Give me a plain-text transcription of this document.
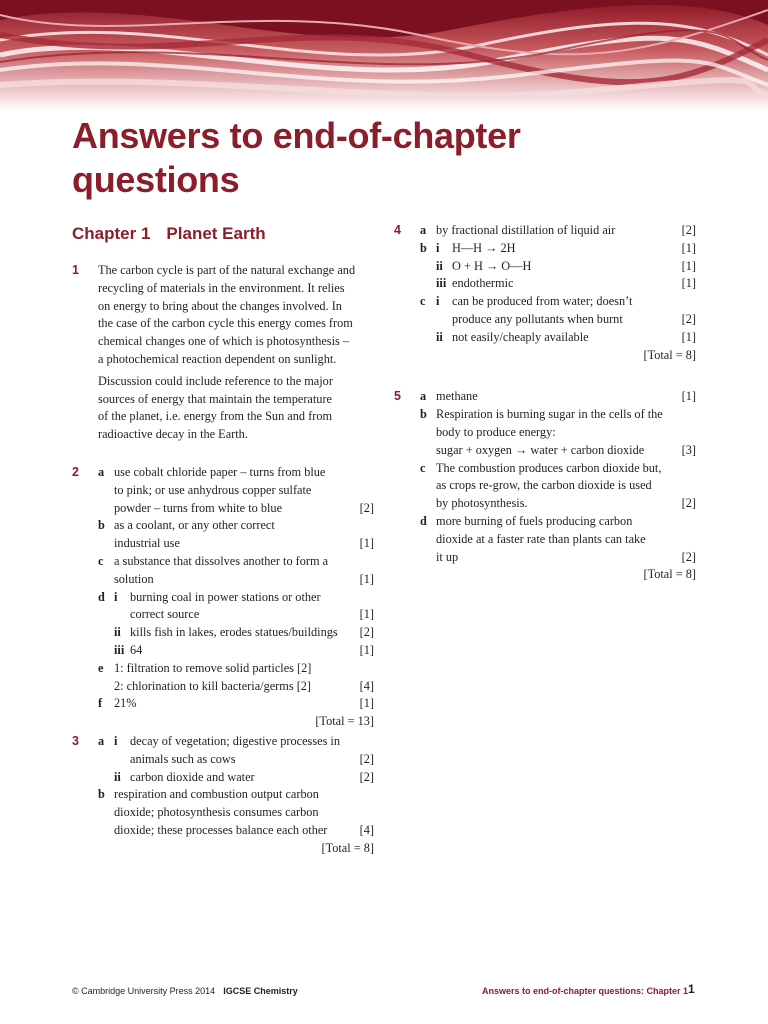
Answers to end-of-chapter
questions
Chapter 1 Planet Earth
1 The carbon cycle is part of the natural exchange and
recycling of materials in the environment. It relies
on energy to bring about the changes involved. In
the case of the carbon cycle this energy comes from
chemical changes one of which is photosynthesis –
a photochemical reaction dependent on sunlight.
Discussion could include reference to the major
sources of energy that maintain the temperature
of the planet, i.e. energy from the Sun and from
radioactive decay in the Earth.
2 a use cobalt chloride paper – turns from blue
to pink; or use anhydrous copper sulfate
powder – turns from white to blue	[2]
b as a coolant, or any other correct
industrial use	[1]
c a substance that dissolves another to form a
solution	[1]
d i	burning coal in power stations or other
correct source	[1]
ii kills fish in lakes, erodes statues/buildings	[2]
iii 64	[1]
e 1: filtration to remove solid particles [2]
2: chlorination to kill bacteria/germs [2]	[4]
f 21%	[1]
[Total = 13]
3 a i	decay of vegetation; digestive processes in
animals such as cows	[2]
ii carbon dioxide and water	[2]
b respiration and combustion output carbon
dioxide; photosynthesis consumes carbon
dioxide; these processes balance each other	[4]
[Total = 8]
4 a by fractional distillation of liquid air	[2]
b i	H—H → 2H	[1]
ii O + H → O—H	[1]
iii endothermic	[1]
c i	can be produced from water; doesn’t
produce any pollutants when burnt	[2]
ii not easily/cheaply available	[1]
[Total = 8]
5 a methane	[1]
b Respiration is burning sugar in the cells of the
body to produce energy:
sugar + oxygen → water + carbon dioxide	[3]
c The combustion produces carbon dioxide but,
as crops re-grow, the carbon dioxide is used
by photosynthesis.	[2]
d more burning of fuels producing carbon
dioxide at a faster rate than plants can take
it up	[2]
[Total = 8]
© Cambridge University Press 2014 IGCSE Chemistry	Answers to end-of-chapter questions: Chapter 1 1
